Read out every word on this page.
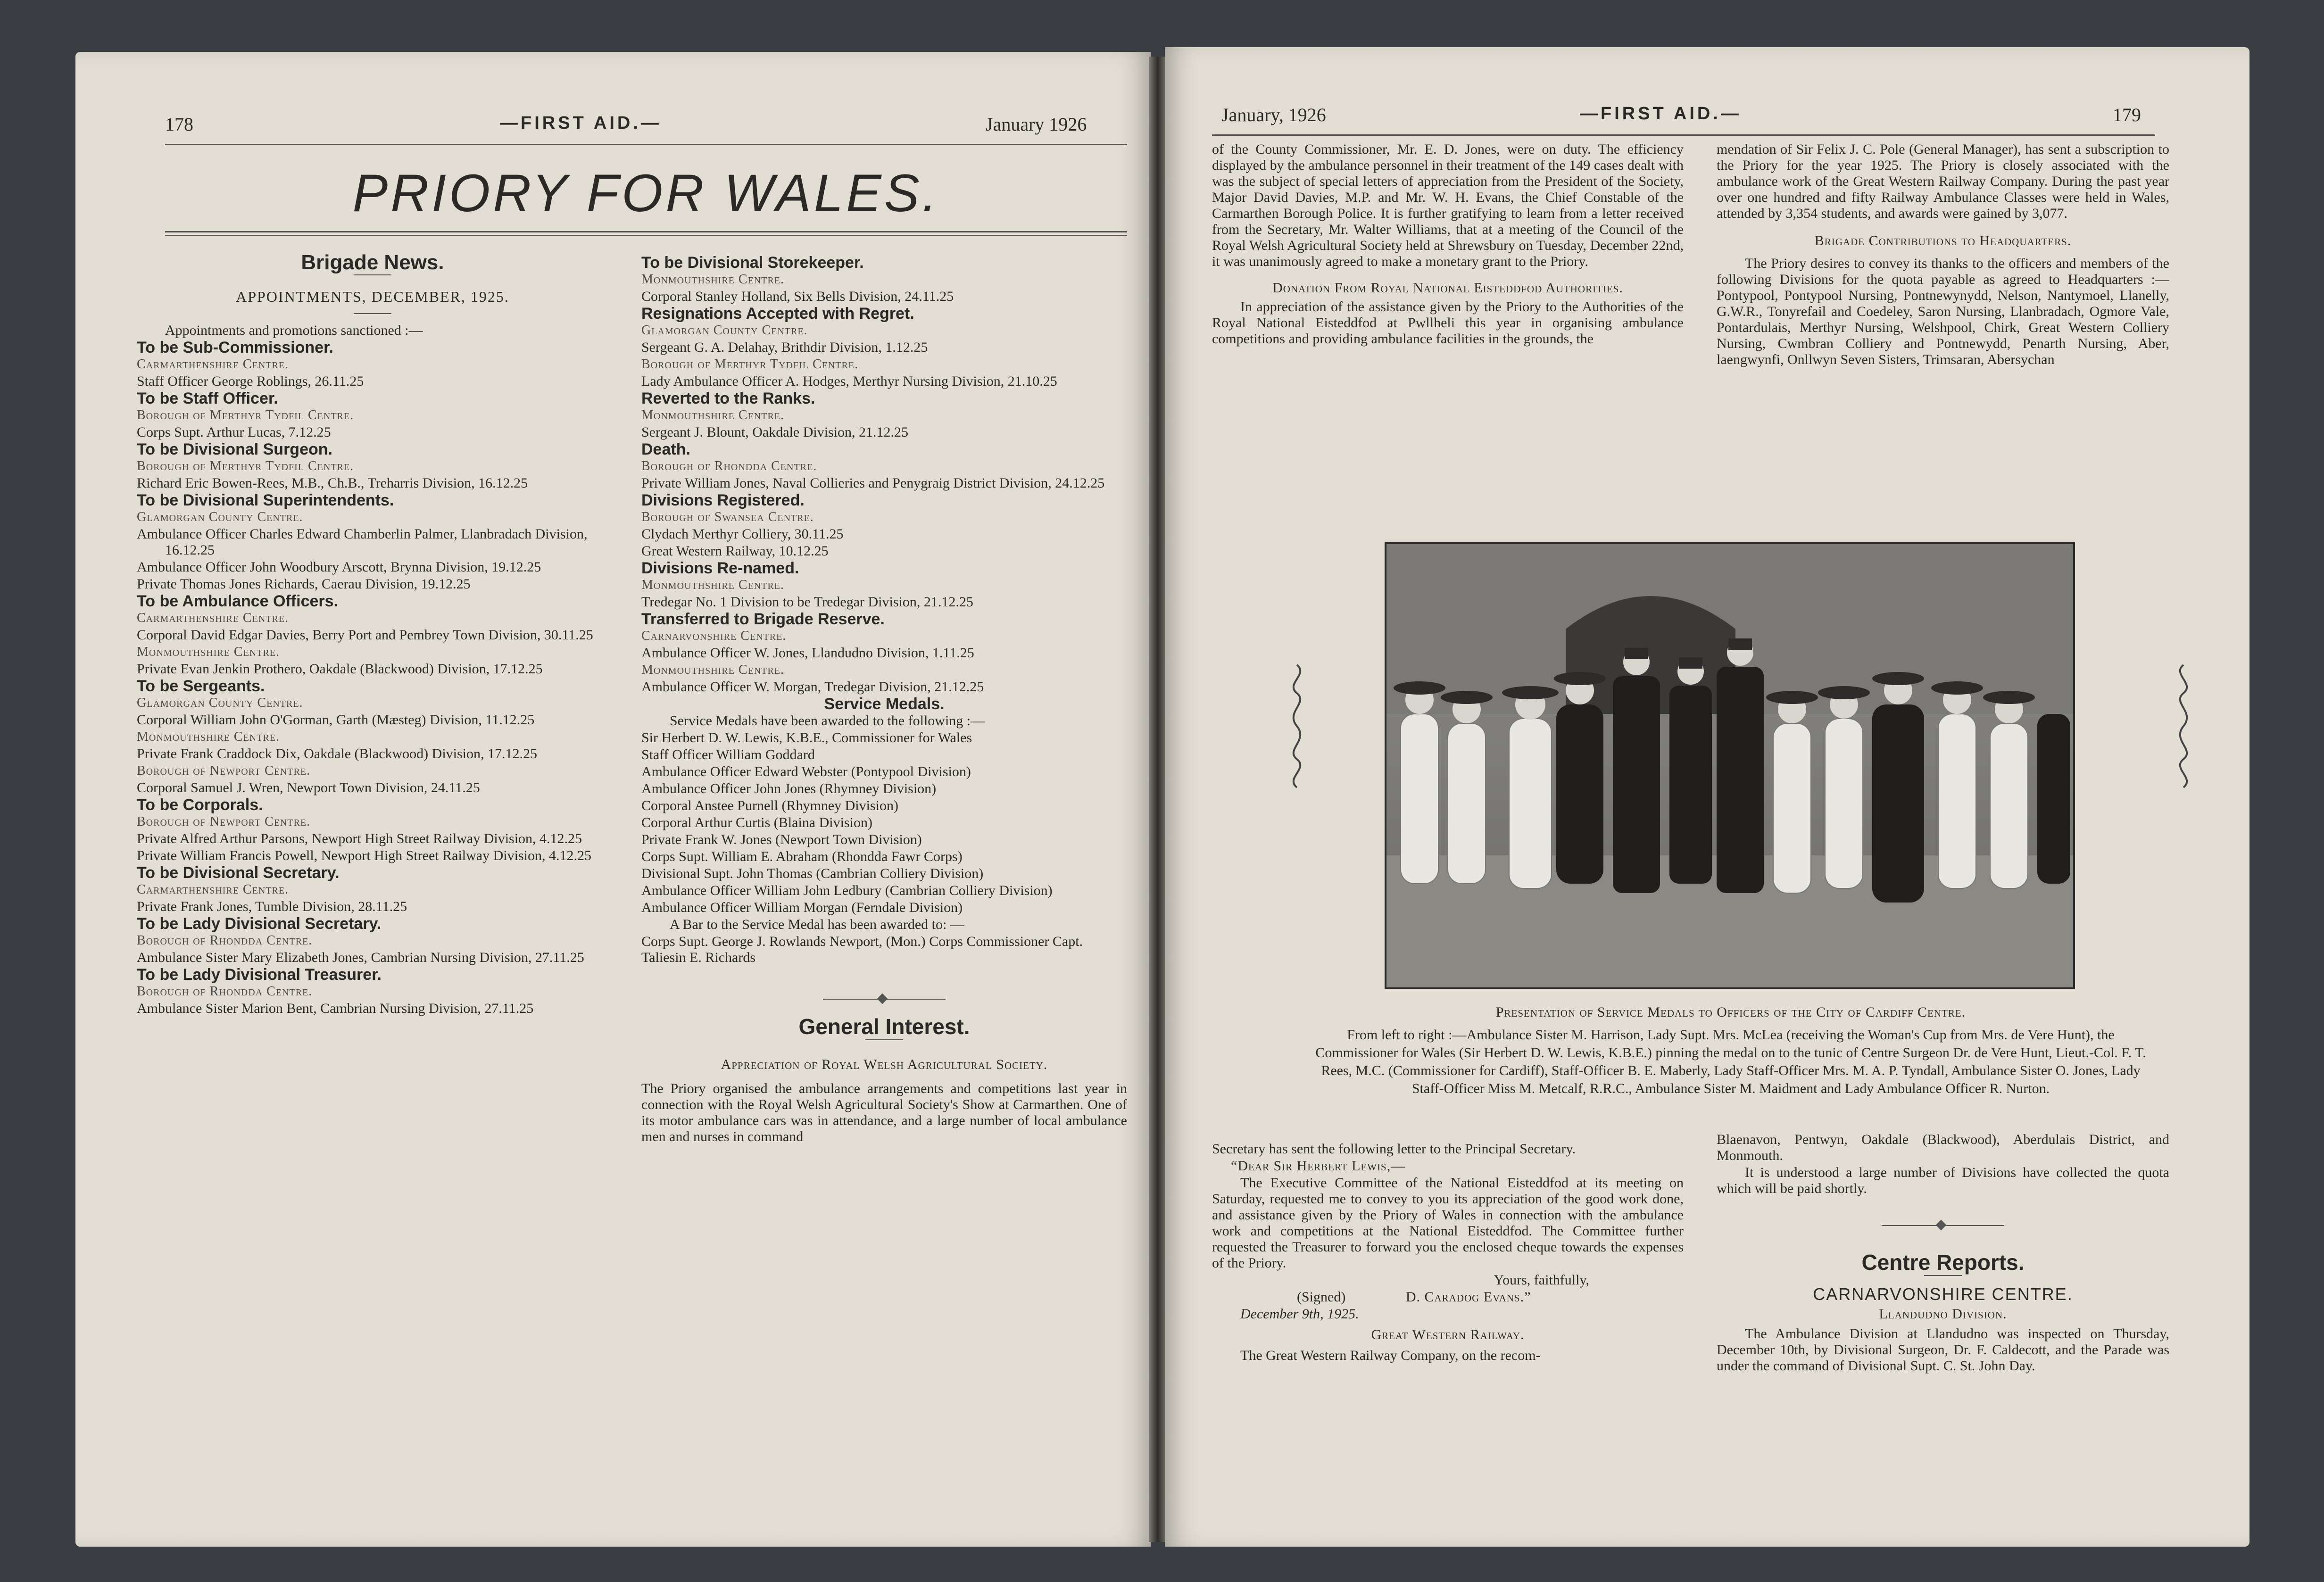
178	—FIRST AID.—	January 1926
PRIORY FOR WALES.

Brigade News.

APPOINTMENTS, DECEMBER, 1925.

Appointments and promotions sanctioned :—

To be Sub-Commissioner.

Carmarthenshire Centre.

Staff Officer George Roblings, 26.11.25

To be Staff Officer.

Borough of Merthyr Tydfil Centre.

Corps Supt. Arthur Lucas, 7.12.25

To be Divisional Surgeon.

Borough of Merthyr Tydfil Centre.

Richard Eric Bowen-Rees, M.B., Ch.B., Treharris Division, 16.12.25

To be Divisional Superintendents.

Glamorgan County Centre.

Ambulance Officer Charles Edward Chamberlin Palmer, Llanbradach Division, 16.12.25

Ambulance Officer John Woodbury Arscott, Brynna Division, 19.12.25

Private Thomas Jones Richards, Caerau Division, 19.12.25

To be Ambulance Officers.

Carmarthenshire Centre.

Corporal David Edgar Davies, Berry Port and Pembrey Town Division, 30.11.25

Monmouthshire Centre.

Private Evan Jenkin Prothero, Oakdale (Blackwood) Division, 17.12.25

To be Sergeants.

Glamorgan County Centre.

Corporal William John O'Gorman, Garth (Mæsteg) Division, 11.12.25

Monmouthshire Centre.

Private Frank Craddock Dix, Oakdale (Blackwood) Division, 17.12.25

Borough of Newport Centre.

Corporal Samuel J. Wren, Newport Town Division, 24.11.25

To be Corporals.

Borough of Newport Centre.

Private Alfred Arthur Parsons, Newport High Street Railway Division, 4.12.25

Private William Francis Powell, Newport High Street Railway Division, 4.12.25

To be Divisional Secretary.

Carmarthenshire Centre.

Private Frank Jones, Tumble Division, 28.11.25

To be Lady Divisional Secretary.

Borough of Rhondda Centre.

Ambulance Sister Mary Elizabeth Jones, Cambrian Nursing Division, 27.11.25

To be Lady Divisional Treasurer.

Borough of Rhondda Centre.

Ambulance Sister Marion Bent, Cambrian Nursing Division, 27.11.25

To be Divisional Storekeeper.

Monmouthshire Centre.

Corporal Stanley Holland, Six Bells Division, 24.11.25

Resignations Accepted with Regret.

Glamorgan County Centre.

Sergeant G. A. Delahay, Brithdir Division, 1.12.25

Borough of Merthyr Tydfil Centre.

Lady Ambulance Officer A. Hodges, Merthyr Nursing Division, 21.10.25

Reverted to the Ranks.

Monmouthshire Centre.

Sergeant J. Blount, Oakdale Division, 21.12.25

Death.

Borough of Rhondda Centre.

Private William Jones, Naval Collieries and Penygraig District Division, 24.12.25

Divisions Registered.

Borough of Swansea Centre.

Clydach Merthyr Colliery, 30.11.25

Great Western Railway, 10.12.25

Divisions Re-named.

Monmouthshire Centre.

Tredegar No. 1 Division to be Tredegar Division, 21.12.25

Transferred to Brigade Reserve.

Carnarvonshire Centre.

Ambulance Officer W. Jones, Llandudno Division, 1.11.25

Monmouthshire Centre.

Ambulance Officer W. Morgan, Tredegar Division, 21.12.25

Service Medals.

Service Medals have been awarded to the following :—

Sir Herbert D. W. Lewis, K.B.E., Commissioner for Wales

Staff Officer William Goddard

Ambulance Officer Edward Webster (Pontypool Division)

Ambulance Officer John Jones (Rhymney Division)

Corporal Anstee Purnell (Rhymney Division)

Corporal Arthur Curtis (Blaina Division)

Private Frank W. Jones (Newport Town Division)

Corps Supt. William E. Abraham (Rhondda Fawr Corps)

Divisional Supt. John Thomas (Cambrian Colliery Division)

Ambulance Officer William John Ledbury (Cambrian Colliery Division)

Ambulance Officer William Morgan (Ferndale Division)

A Bar to the Service Medal has been awarded to: —

Corps Supt. George J. Rowlands Newport, (Mon.) Corps Commissioner Capt. Taliesin E. Richards

General Interest.

Appreciation of Royal Welsh Agricultural Society.

The Priory organised the ambulance arrangements and competitions last year in connection with the Royal Welsh Agricultural Society's Show at Carmarthen. One of its motor ambulance cars was in attendance, and a large number of local ambulance men and nurses in command

January, 1926	—FIRST AID.—	179

of the County Commissioner, Mr. E. D. Jones, were on duty. The efficiency displayed by the ambulance personnel in their treatment of the 149 cases dealt with was the subject of special letters of appreciation from the President of the Society, Major David Davies, M.P. and Mr. W. H. Evans, the Chief Constable of the Carmarthen Borough Police. It is further gratifying to learn from a letter received from the Secretary, Mr. Walter Williams, that at a meeting of the Council of the Royal Welsh Agricultural Society held at Shrewsbury on Tuesday, December 22nd, it was unanimously agreed to make a monetary grant to the Priory.

Donation From Royal National Eisteddfod Authorities.

In appreciation of the assistance given by the Priory to the Authorities of the Royal National Eisteddfod at Pwllheli this year in organising ambulance competitions and providing ambulance facilities in the grounds, the

mendation of Sir Felix J. C. Pole (General Manager), has sent a subscription to the Priory for the year 1925. The Priory is closely associated with the ambulance work of the Great Western Railway Company. During the past year over one hundred and fifty Railway Ambulance Classes were held in Wales, attended by 3,354 students, and awards were gained by 3,077.

Brigade Contributions to Headquarters.

The Priory desires to convey its thanks to the officers and members of the following Divisions for the quota payable as agreed to Headquarters :—Pontypool, Pontypool Nursing, Pontnewynydd, Nelson, Nantymoel, Llanelly, G.W.R., Tonyrefail and Coedeley, Saron Nursing, Llanbradach, Ogmore Vale, Pontardulais, Merthyr Nursing, Welshpool, Chirk, Great Western Colliery Nursing, Cwmbran Colliery and Pontnewydd, Penarth Nursing, Aber, laengwynfi, Onllwyn Seven Sisters, Trimsaran, Abersychan

Presentation of Service Medals to Officers of the City of Cardiff Centre.

From left to right :—Ambulance Sister M. Harrison, Lady Supt. Mrs. McLea (receiving the Woman's Cup from Mrs. de Vere Hunt), the Commissioner for Wales (Sir Herbert D. W. Lewis, K.B.E.) pinning the medal on to the tunic of Centre Surgeon Dr. de Vere Hunt, Lieut.-Col. F. T. Rees, M.C. (Commissioner for Cardiff), Staff-Officer B. E. Maberly, Lady Staff-Officer Mrs. M. A. P. Tyndall, Ambulance Sister O. Jones, Lady Staff-Officer Miss M. Metcalf, R.R.C., Ambulance Sister M. Maidment and Lady Ambulance Officer R. Nurton.

Secretary has sent the following letter to the Principal Secretary.

“Dear Sir Herbert Lewis,—

The Executive Committee of the National Eisteddfod at its meeting on Saturday, requested me to convey to you its appreciation of the good work done, and assistance given by the Priory of Wales in connection with the ambulance work and competitions at the National Eisteddfod. The Committee further requested the Treasurer to forward you the enclosed cheque towards the expenses of the Priory.

Yours, faithfully,

(Signed)	D. Caradog Evans.”

December 9th, 1925.

Great Western Railway.

The Great Western Railway Company, on the recom-

Blaenavon, Pentwyn, Oakdale (Blackwood), Aberdulais District, and Monmouth.

It is understood a large number of Divisions have collected the quota which will be paid shortly.

Centre Reports.

CARNARVONSHIRE CENTRE.

Llandudno Division.

The Ambulance Division at Llandudno was inspected on Thursday, December 10th, by Divisional Surgeon, Dr. F. Caldecott, and the Parade was under the command of Divisional Supt. C. St. John Day.
